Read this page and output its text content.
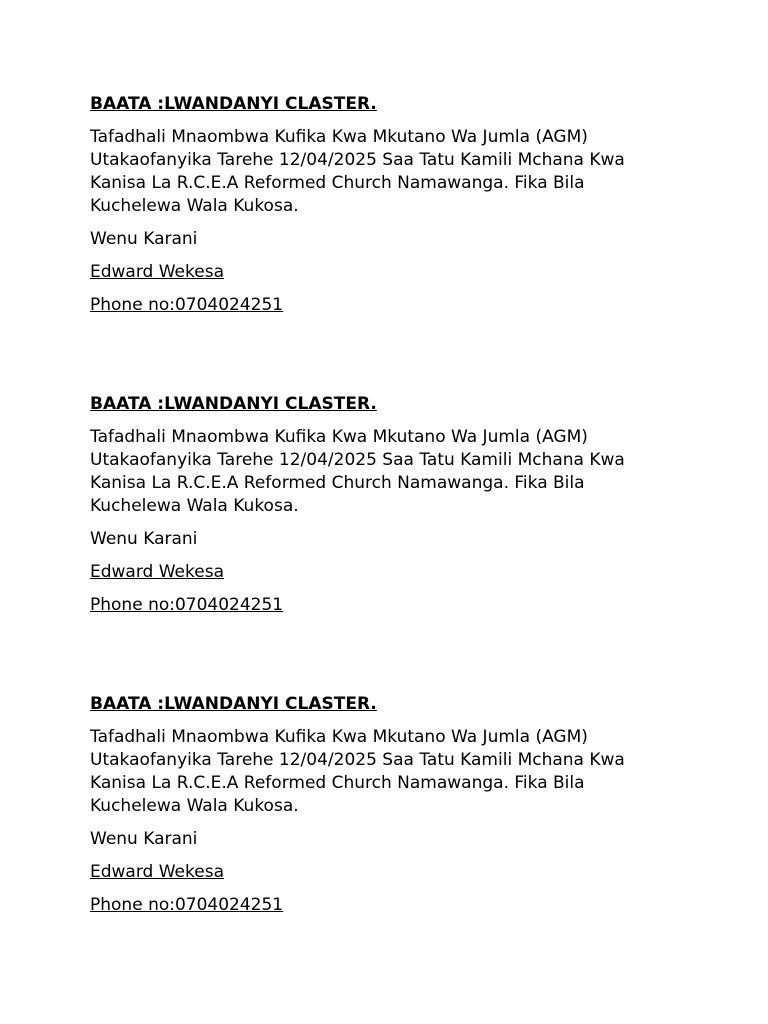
BAATA :LWANDANYI CLASTER.

Tafadhali Mnaombwa Kufika Kwa Mkutano Wa Jumla (AGM) Utakaofanyika Tarehe 12/04/2025 Saa Tatu Kamili Mchana Kwa Kanisa La R.C.E.A Reformed Church Namawanga. Fika Bila Kuchelewa Wala Kukosa.

Wenu Karani

Edward Wekesa

Phone no:0704024251

BAATA :LWANDANYI CLASTER.

Tafadhali Mnaombwa Kufika Kwa Mkutano Wa Jumla (AGM) Utakaofanyika Tarehe 12/04/2025 Saa Tatu Kamili Mchana Kwa Kanisa La R.C.E.A Reformed Church Namawanga. Fika Bila Kuchelewa Wala Kukosa.

Wenu Karani

Edward Wekesa

Phone no:0704024251

BAATA :LWANDANYI CLASTER.

Tafadhali Mnaombwa Kufika Kwa Mkutano Wa Jumla (AGM) Utakaofanyika Tarehe 12/04/2025 Saa Tatu Kamili Mchana Kwa Kanisa La R.C.E.A Reformed Church Namawanga. Fika Bila Kuchelewa Wala Kukosa.

Wenu Karani

Edward Wekesa

Phone no:0704024251
